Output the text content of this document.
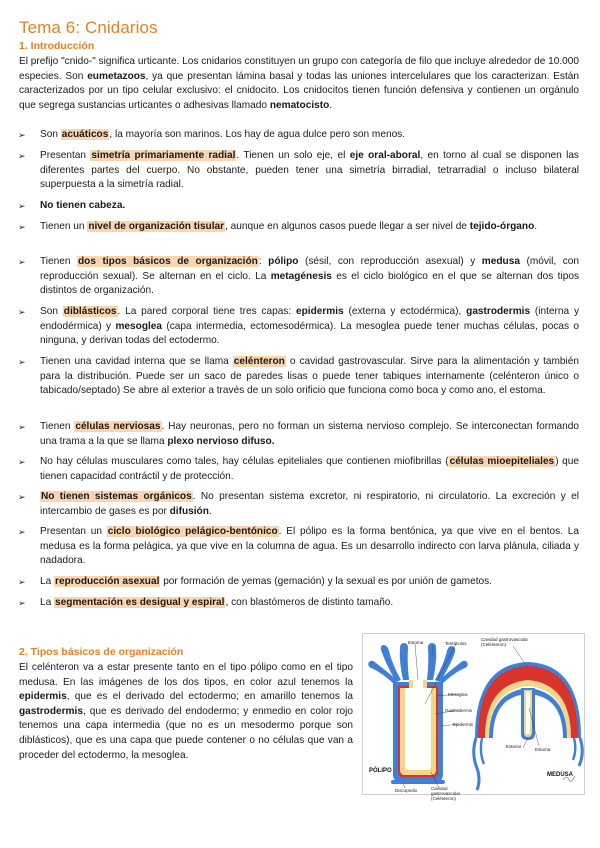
Tema 6: Cnidarios
1. Introducción
El prefijo "cnido-" significa urticante. Los cnidarios constituyen un grupo con categoría de filo que incluye alrededor de 10.000 especies. Son eumetazoos, ya que presentan lámina basal y todas las uniones intercelulares que los caracterizan. Están caracterizados por un tipo celular exclusivo: el cnidocito. Los cnidocitos tienen función defensiva y contienen un orgánulo que segrega sustancias urticantes o adhesivas llamado nematocisto.
➢ Son acuáticos, la mayoría son marinos. Los hay de agua dulce pero son menos.
➢ Presentan simetría primariamente radial. Tienen un solo eje, el eje oral-aboral, en torno al cual se disponen las diferentes partes del cuerpo. No obstante, pueden tener una simetría birradial, tetrarradial o incluso bilateral superpuesta a la simetría radial.
➢ No tienen cabeza.
➢ Tienen un nivel de organización tisular, aunque en algunos casos puede llegar a ser nivel de tejido-órgano.
➢ Tienen dos tipos básicos de organización: pólipo (sésil, con reproducción asexual) y medusa (móvil, con reproducción sexual). Se alternan en el ciclo. La metagénesis es el ciclo biológico en el que se alternan dos tipos distintos de organización.
➢ Son diblásticos. La pared corporal tiene tres capas: epidermis (externa y ectodérmica), gastrodermis (interna y endodérmica) y mesoglea (capa intermedia, ectomesodérmica). La mesoglea puede tener muchas células, pocas o ninguna, y derivan todas del ectodermo.
➢ Tienen una cavidad interna que se llama celénteron o cavidad gastrovascular. Sirve para la alimentación y también para la distribución. Puede ser un saco de paredes lisas o puede tener tabiques internamente (celénteron único o tabicado/septado) Se abre al exterior a través de un solo orificio que funciona como boca y como ano, el estoma.
➢ Tienen células nerviosas. Hay neuronas, pero no forman un sistema nervioso complejo. Se interconectan formando una trama a la que se llama plexo nervioso difuso.
➢ No hay células musculares como tales, hay células epiteliales que contienen miofibrillas (células mioepiteliales) que tienen capacidad contráctil y de protección.
➢ No tienen sistemas orgánicos. No presentan sistema excretor, ni respiratorio, ni circulatorio. La excreción y el intercambio de gases es por difusión.
➢ Presentan un ciclo biológico pelágico-bentónico. El pólipo es la forma bentónica, ya que vive en el bentos. La medusa es la forma pelágica, ya que vive en la columna de agua. Es un desarrollo indirecto con larva plánula, ciliada y nadadora.
➢ La reproducción asexual por formación de yemas (gemación) y la sexual es por unión de gametos.
➢ La segmentación es desigual y espiral, con blastómeros de distinto tamaño.
2. Tipos básicos de organización
El celénteron va a estar presente tanto en el tipo pólipo como en el tipo medusa. En las imágenes de los dos tipos, en color azul tenemos la epidermis, que es el derivado del ectodermo; en amarillo tenemos la gastrodermis, que es derivado del endodermo; y enmedio en color rojo tenemos una capa intermedia (que no es un mesodermo porque son diblásticos), que es una capa que puede contener o no células que van a proceder del ectodermo, la mesoglea.
Estoma	Tentáculos
Cavidad gastrovascular (Celénteron)
Mesoglea
Gastrodermis
Epidermis
Exterior
Estoma
Discopedio	Cavidad gastrovascular (Celénteron)
PÓLIPO
MEDUSA
